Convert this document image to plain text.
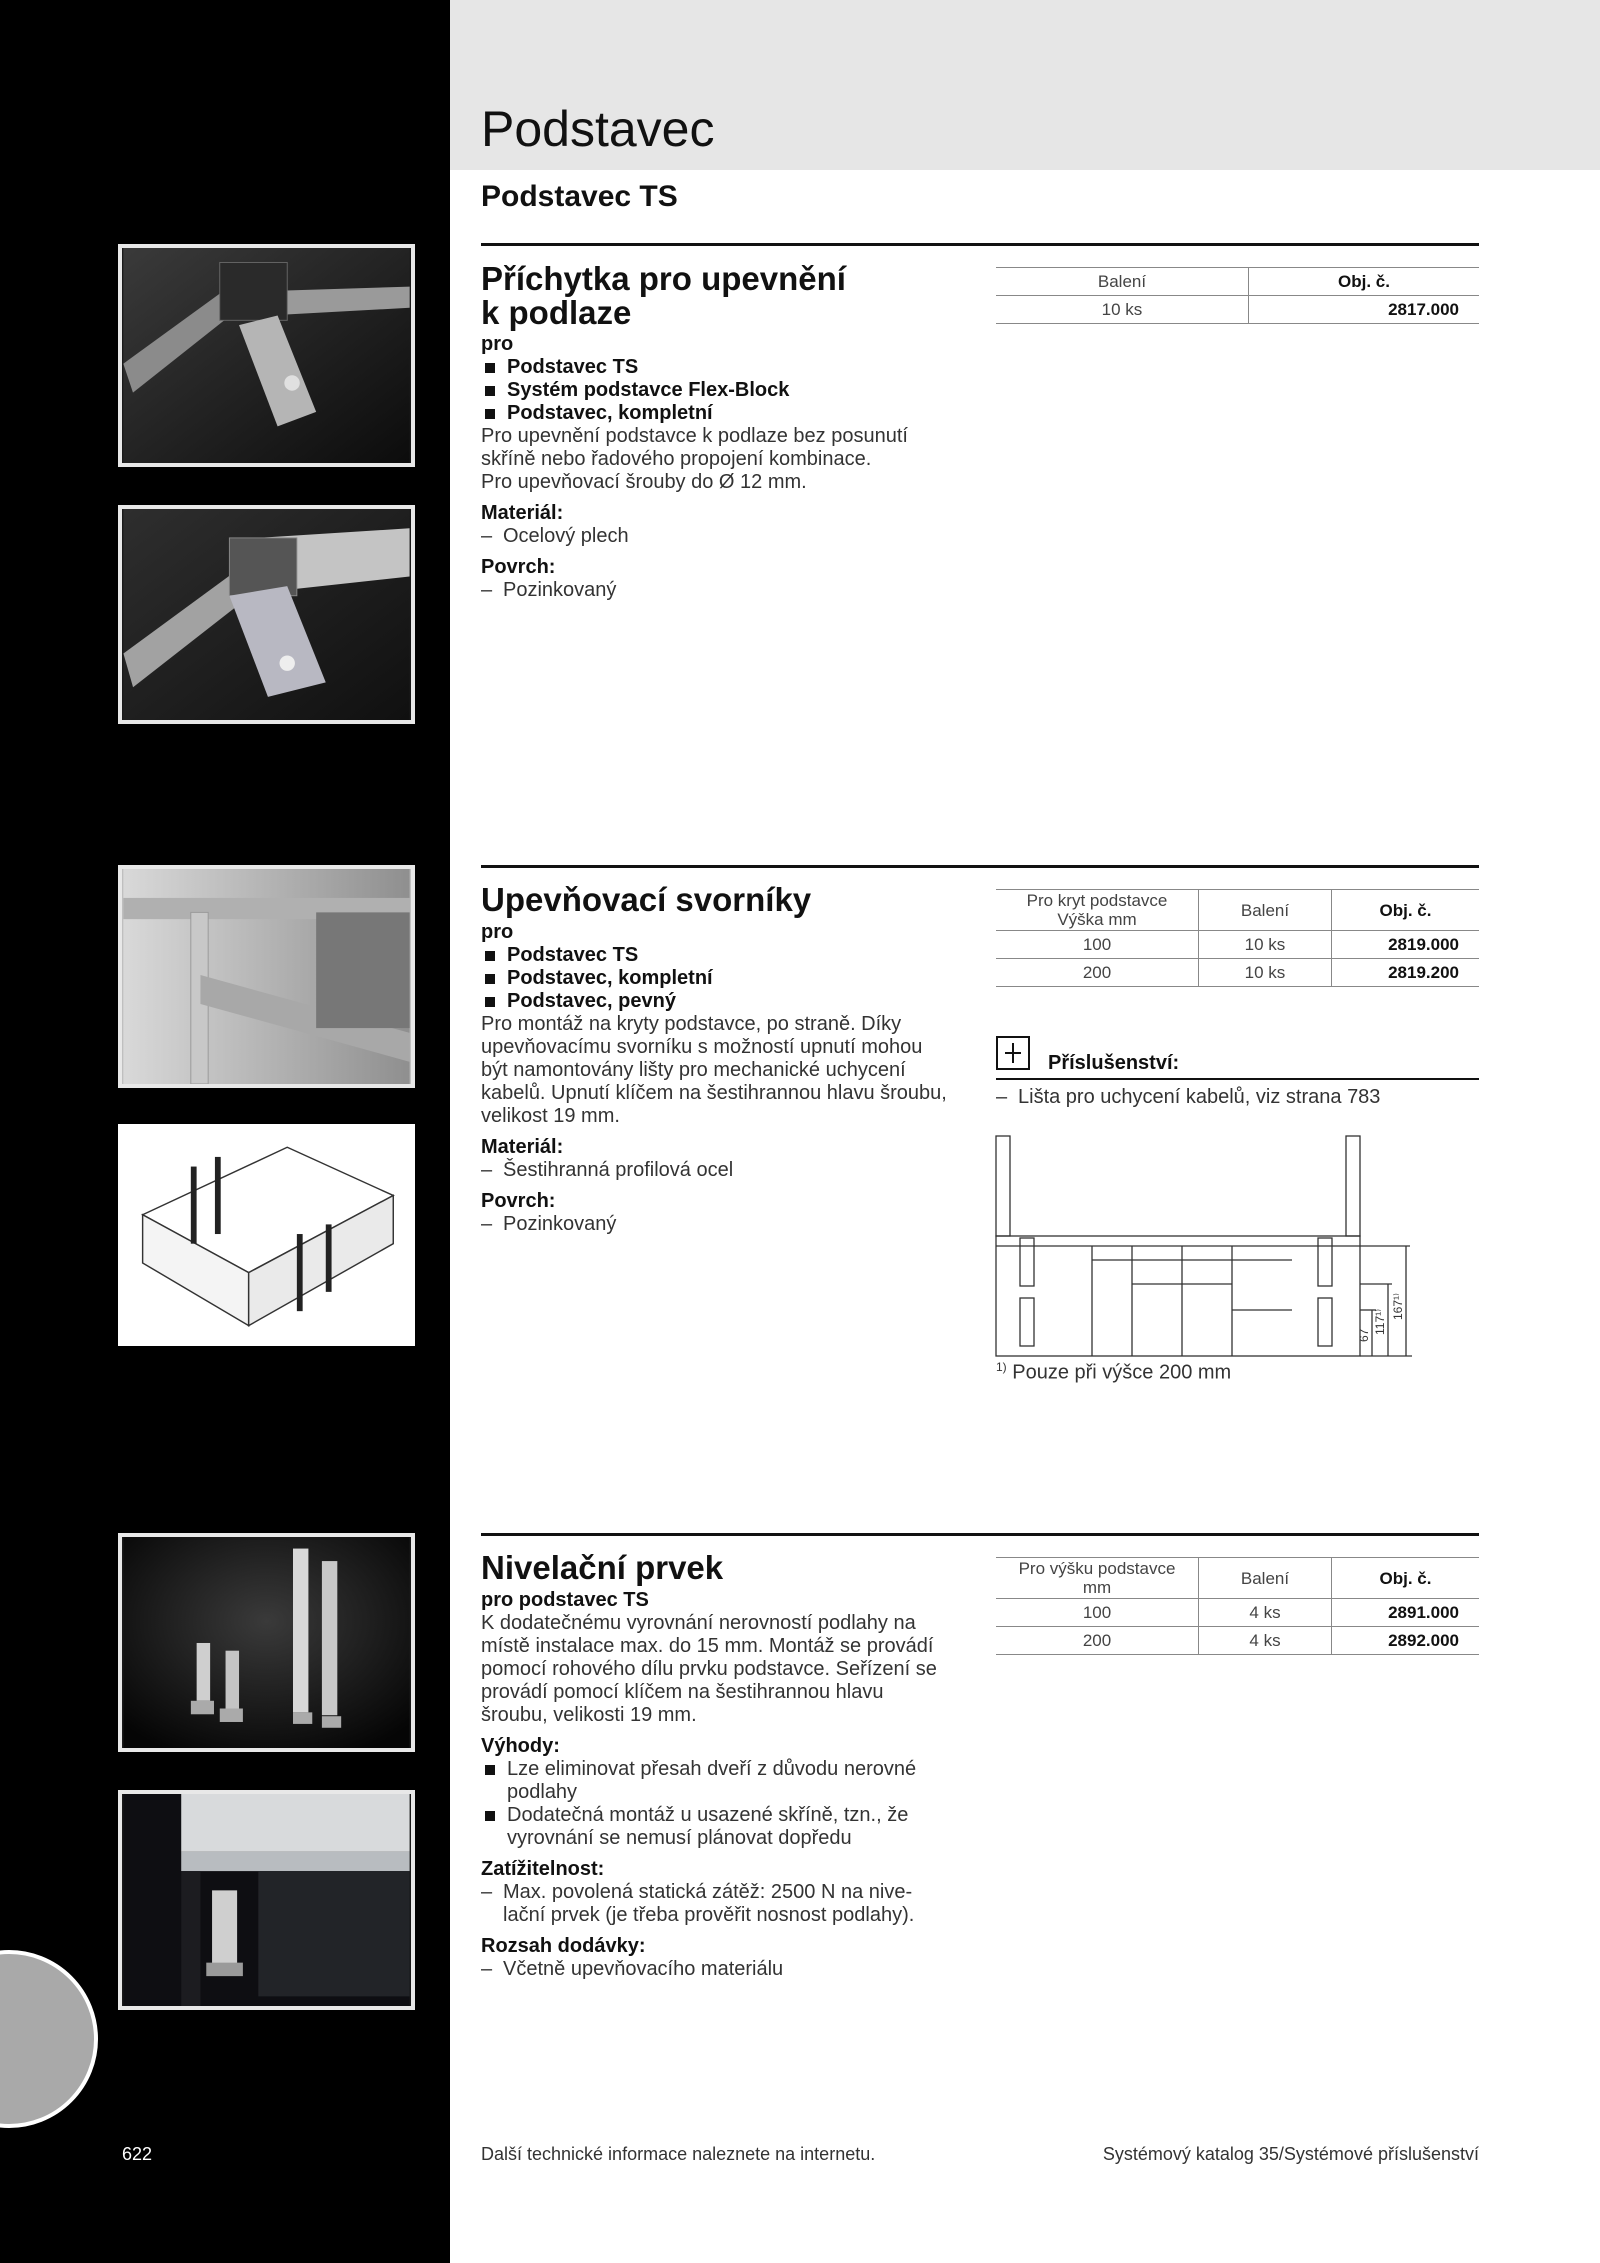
Podstavec
Podstavec TS
Příchytka pro upevnění
k podlaze
pro
Podstavec TS
Systém podstavce Flex-Block
Podstavec, kompletní
Pro upevnění podstavce k podlaze bez posunutí
skříně nebo řadového propojení kombinace.
Pro upevňovací šrouby do Ø 12 mm.
Materiál:
– Ocelový plech
Povrch:
– Pozinkovaný
Balení	Obj. č.
10 ks	2817.000
Upevňovací svorníky
pro
Podstavec TS
Podstavec, kompletní
Podstavec, pevný
Pro montáž na kryty podstavce, po straně. Díky
upevňovacímu svorníku s možností upnutí mohou
být namontovány lišty pro mechanické uchycení
kabelů. Upnutí klíčem na šestihrannou hlavu šroubu,
velikost 19 mm.
Materiál:
– Šestihranná profilová ocel
Povrch:
– Pozinkovaný
Pro kryt podstavce
Výška mm	Balení	Obj. č.
100	10 ks	2819.000
200	10 ks	2819.200
Příslušenství:
– Lišta pro uchycení kabelů, viz strana 783
67
117¹⁾
167¹⁾
$^{1)}$ Pouze při výšce 200 mm
Nivelační prvek
pro podstavec TS
K dodatečnému vyrovnání nerovností podlahy na
místě instalace max. do 15 mm. Montáž se provádí
pomocí rohového dílu prvku podstavce. Seřízení se
provádí pomocí klíčem na šestihrannou hlavu
šroubu, velikosti 19 mm.
Výhody:
Lze eliminovat přesah dveří z důvodu nerovné podlahy
Dodatečná montáž u usazené skříně, tzn., že vyrovnání se nemusí plánovat dopředu
Zatížitelnost:
– Max. povolená statická zátěž: 2500 N na nive-
lační prvek (je třeba prověřit nosnost podlahy).
Rozsah dodávky:
– Včetně upevňovacího materiálu
Pro výšku podstavce
mm	Balení	Obj. č.
100	4 ks	2891.000
200	4 ks	2892.000
622	Další technické informace naleznete na internetu.	Systémový katalog 35/Systémové příslušenství
